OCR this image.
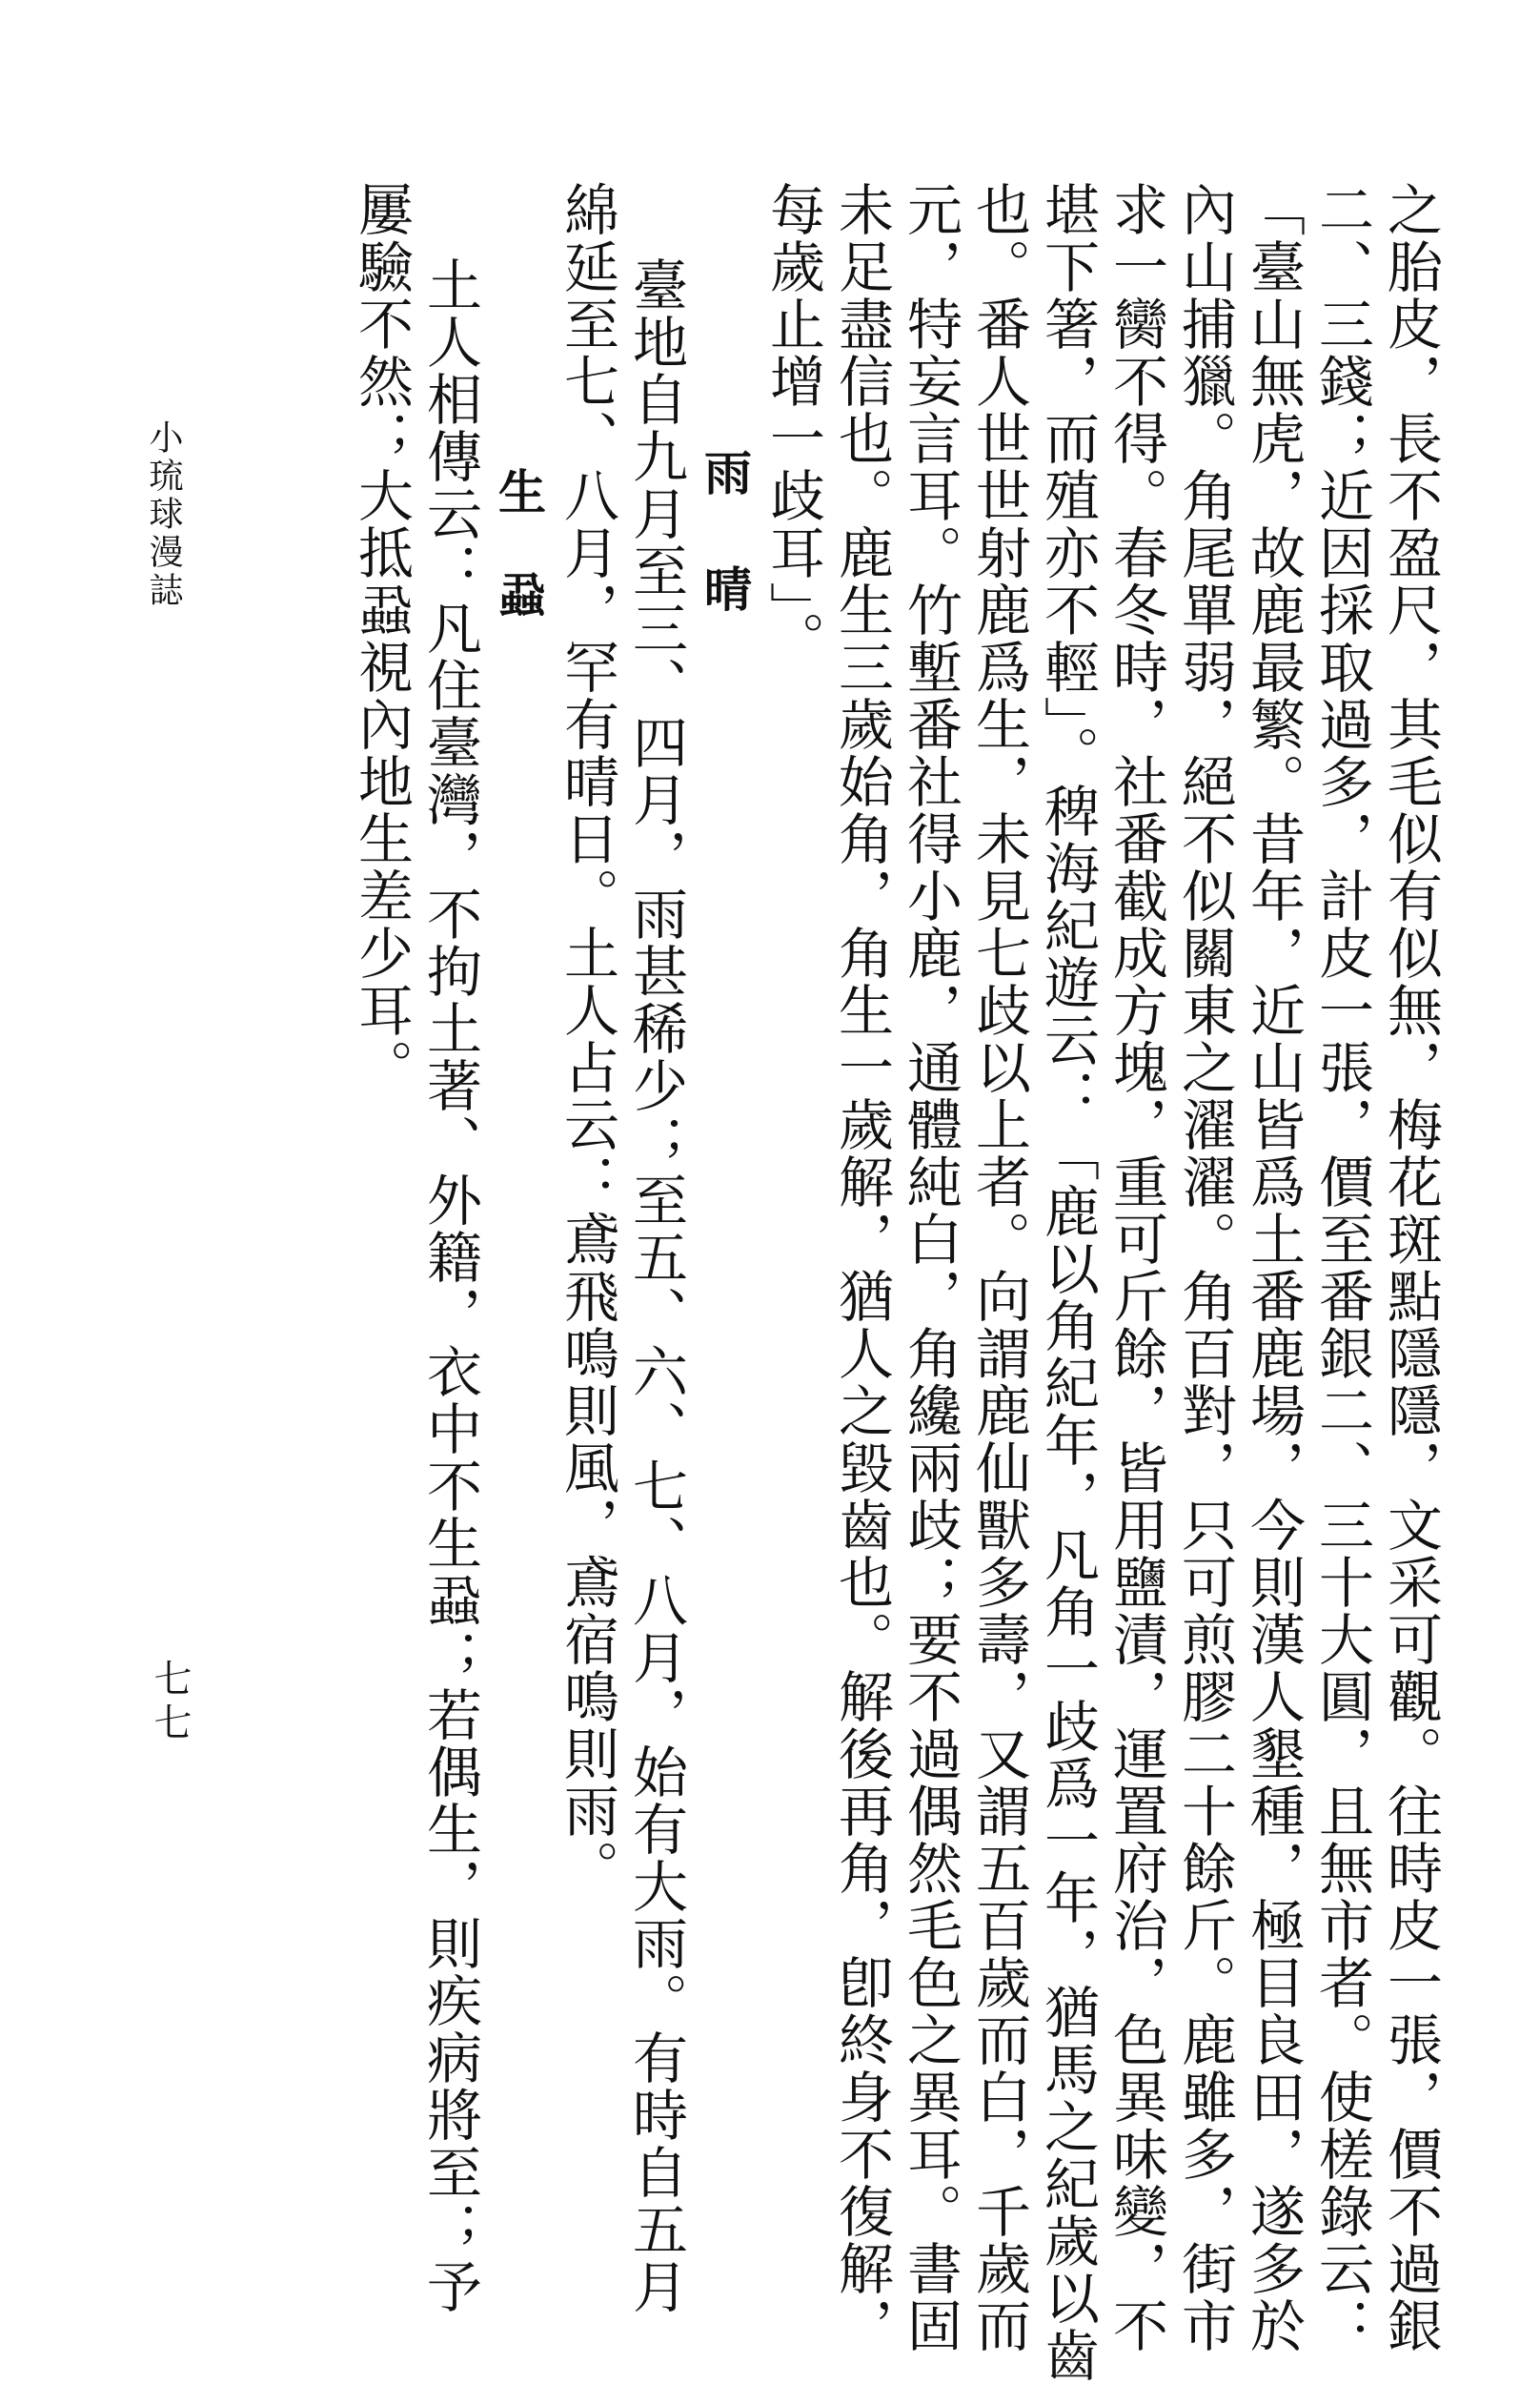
之胎皮，長不盈尺，其毛似有似無，梅花斑點隱隱，文采可觀。往時皮一張，價不過銀
二、三錢；近因採取過多，計皮一張，價至番銀二、三十大圓，且無市者。使槎錄云：
「臺山無虎，故鹿最繁。昔年，近山皆爲土番鹿場，今則漢人墾種，極目良田，遂多於
內山捕獵。角尾單弱，絕不似關東之濯濯。角百對，只可煎膠二十餘斤。鹿雖多，街市
求一臠不得。春冬時，社番截成方塊，重可斤餘，皆用鹽漬，運置府治，色異味變，不
堪下箸，而殖亦不輕」。稗海紀遊云：「鹿以角紀年，凡角一歧爲一年，猶馬之紀歲以齒
也。番人世世射鹿爲生，未見七歧以上者。向謂鹿仙獸多壽，又謂五百歲而白，千歲而
元，特妄言耳。竹塹番社得小鹿，通體純白，角纔兩歧；要不過偶然毛色之異耳。書固
未足盡信也。鹿生三歲始角，角生一歲解，猶人之毀齒也。解後再角，卽終身不復解，
每歲止增一歧耳」。
雨晴
臺地自九月至三、四月，雨甚稀少；至五、六、七、八月，始有大雨。有時自五月
綿延至七、八月，罕有晴日。土人占云：鳶飛鳴則風，鳶宿鳴則雨。
生蝨
土人相傳云：凡住臺灣，不拘土著、外籍，衣中不生蝨；若偶生，則疾病將至；予
屢驗不然；大抵蝨視內地生差少耳。
小琉球漫誌
七七
